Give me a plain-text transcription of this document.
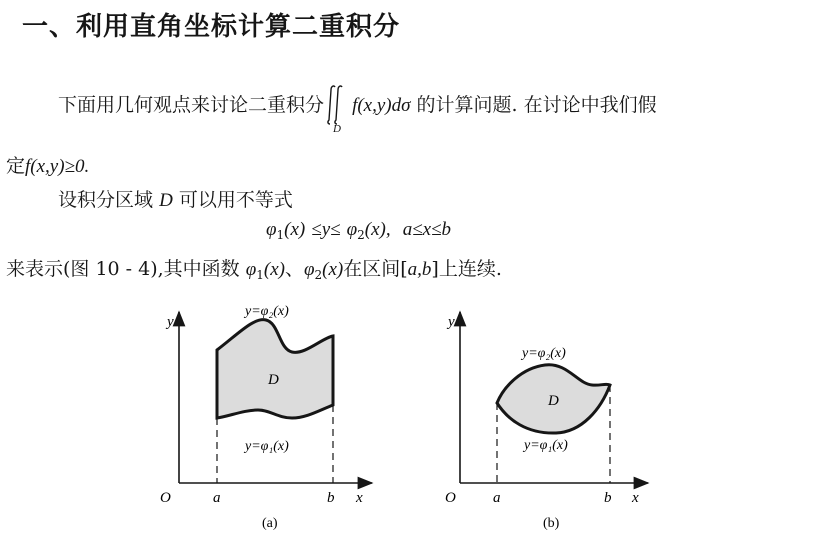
一、利用直角坐标计算二重积分
下面用几何观点来讨论二重积分
D
f(x,y)dσ 的计算问题. 在讨论中我们假
定f(x,y)≥0.
设积分区域 D 可以用不等式
$\varphi_1(x) \le y\le \varphi_2(x)$, a≤x≤b
来表示(图 10 - 4),其中函数 $\varphi_1(x)$、$\varphi_2(x)$在区间[a,b]上连续.
y=φ₂(x)
y=φ₁(x)
D
O	a	b x
y
(a)
y=φ₂(x)
y=φ₁(x)
D
O a	b x
y
(b)
